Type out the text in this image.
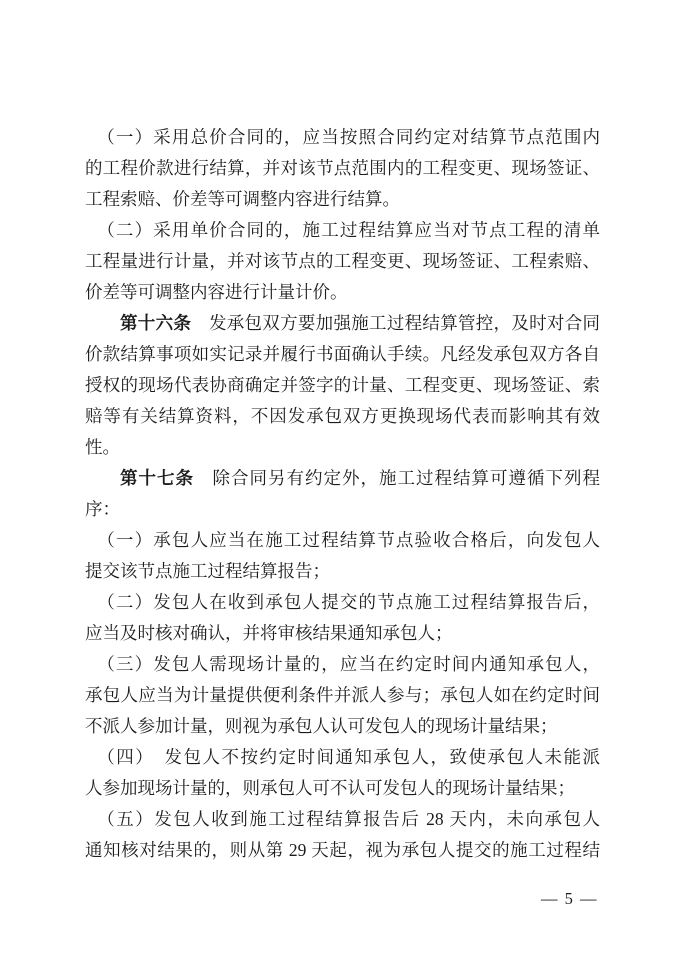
（一）采用总价合同的，应当按照合同约定对结算节点范围内
的工程价款进行结算，并对该节点范围内的工程变更、现场签证、
工程索赔、价差等可调整内容进行结算。
（二）采用单价合同的，施工过程结算应当对节点工程的清单
工程量进行计量，并对该节点的工程变更、现场签证、工程索赔、
价差等可调整内容进行计量计价。
第十六条　发承包双方要加强施工过程结算管控，及时对合同
价款结算事项如实记录并履行书面确认手续。凡经发承包双方各自
授权的现场代表协商确定并签字的计量、工程变更、现场签证、索
赔等有关结算资料，不因发承包双方更换现场代表而影响其有效
性。
第十七条　除合同另有约定外，施工过程结算可遵循下列程
序：
（一）承包人应当在施工过程结算节点验收合格后，向发包人
提交该节点施工过程结算报告；
（二）发包人在收到承包人提交的节点施工过程结算报告后，
应当及时核对确认，并将审核结果通知承包人；
（三）发包人需现场计量的，应当在约定时间内通知承包人，
承包人应当为计量提供便利条件并派人参与；承包人如在约定时间
不派人参加计量，则视为承包人认可发包人的现场计量结果；
（四）　发包人不按约定时间通知承包人，致使承包人未能派
人参加现场计量的，则承包人可不认可发包人的现场计量结果；
（五）发包人收到施工过程结算报告后 28 天内，未向承包人
通知核对结果的，则从第 29 天起，视为承包人提交的施工过程结
— 5 —
